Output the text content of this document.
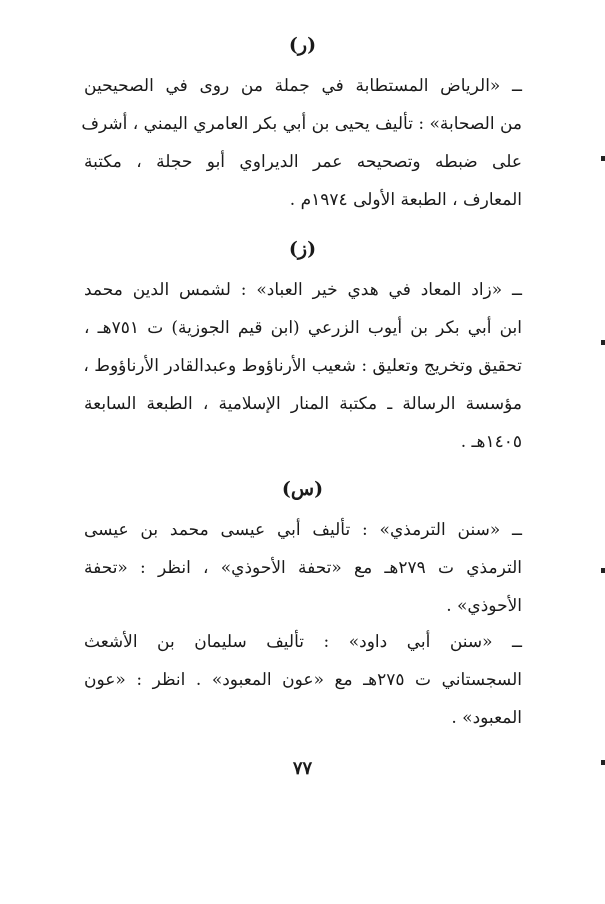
(ر)
ــ «الرياض المستطابة في جملة من روى في الصحيحين
من الصحابة» : تأليف يحيى بن أبي بكر العامري اليمني ، أشرف
على ضبطه وتصحيحه عمر الديراوي أبو حجلة ، مكتبة
المعارف ، الطبعة الأولى ١٩٧٤م .
(ز)
ــ «زاد المعاد في هدي خير العباد» : لشمس الدين محمد
ابن أبي بكر بن أيوب الزرعي (ابن قيم الجوزية) ت ٧٥١هـ ،
تحقيق وتخريج وتعليق : شعيب الأرناؤوط وعبدالقادر الأرناؤوط ،
مؤسسة الرسالة ـ مكتبة المنار الإسلامية ، الطبعة السابعة
١٤٠٥هـ .
(س)
ــ «سنن الترمذي» : تأليف أبي عيسى محمد بن عيسى
الترمذي ت ٢٧٩هـ مع «تحفة الأحوذي» ، انظر : «تحفة
الأحوذي» .
ــ «سنن أبي داود» : تأليف سليمان بن الأشعث
السجستاني ت ٢٧٥هـ مع «عون المعبود» . انظر : «عون
المعبود» .
٧٧
